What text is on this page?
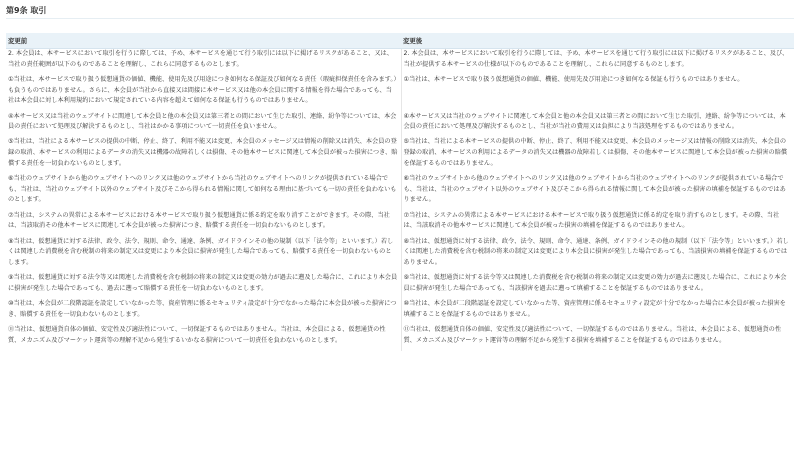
第9条 取引
変更前	変更後
2. 本会員は、本サービスにおいて取引を行うに際しては、予め、本サービスを通じて行う取引には以下に掲げるリスクがあること、又は、当社の責任範囲が以下のものであることを理解し、これらに同意するものとします。	2. 本会員は、本サービスにおいて取引を行うに際しては、予め、本サービスを通じて行う取引には以下に掲げるリスクがあること、及び、当社が提供する本サービスの仕様が以下のものであることを理解し、これらに同意するものとします。
①当社は、本サービスで取り扱う仮想通貨の価値、機能、使用先及び用途につき如何なる保証及び如何なる責任（瑕疵担保責任を含みます。）も負うものではありません。さらに、本会員が当社から直接又は間接に本サービス又は他の本会員に関する情報を得た場合であっても、当社は本会員に対し本利用規約において規定されている内容を超えて如何なる保証も行うものではありません。	①当社は、本サービスで取り扱う仮想通貨の価値、機能、使用先及び用途につき如何なる保証も行うものではありません。
④本サービス又は当社のウェブサイトに関連して本会員と他の本会員又は第三者との間において生じた取引、連絡、紛争等については、本会員の責任において処理及び解決するものとし、当社はかかる事項について一切責任を負いません。	④本サービス又は当社のウェブサイトに関連して本会員と他の本会員又は第三者との間において生じた取引、連絡、紛争等については、本会員の責任において処理及び解決するものとし、当社が当社の費用又は負担により当該処理をするものではありません。
⑤当社は、当社による本サービスの提供の中断、停止、終了、利用不能又は変更、本会員のメッセージ又は情報の削除又は消失、本会員の登録の取消、本サービスの利用によるデータの消失又は機器の故障若しくは損傷、その他本サービスに関連して本会員が被った損害につき、賠償する責任を一切負わないものとします。	⑤当社は、当社による本サービスの提供の中断、停止、終了、利用不能又は変更、本会員のメッセージ又は情報の削除又は消失、本会員の登録の取消、本サービスの利用によるデータの消失又は機器の故障若しくは損傷、その他本サービスに関連して本会員が被った損害の賠償を保証するものではありません。
⑥当社のウェブサイトから他のウェブサイトへのリンク又は他のウェブサイトから当社のウェブサイトへのリンクが提供されている場合でも、当社は、当社のウェブサイト以外のウェブサイト及びそこから得られる情報に関して如何なる理由に基づいても一切の責任を負わないものとします。	⑥当社のウェブサイトから他のウェブサイトへのリンク又は他のウェブサイトから当社のウェブサイトへのリンクが提供されている場合でも、当社は、当社のウェブサイト以外のウェブサイト及びそこから得られる情報に関して本会員が被った損害の填補を保証するものではありません。
⑦当社は、システムの異常による本サービスにおける本サービスで取り扱う仮想通貨に係る約定を取り消すことができます。その際、当社は、当該取消その他本サービスに関連して本会員が被った損害につき、賠償する責任を一切負わないものとします。	⑦当社は、システムの異常による本サービスにおける本サービスで取り扱う仮想通貨に係る約定を取り消すものとします。その際、当社は、当該取消その他本サービスに関連して本会員が被った損害の填補を保証するものではありません。
⑧当社は、仮想通貨に対する法律、政令、法令、規則、命令、通達、条例、ガイドラインその他の規制（以下「法令等」といいます。）若しくは関連した消費税を含む税制の将来の制定又は変更により本会員に損害が発生した場合であっても、賠償する責任を一切負わないものとします。	⑧当社は、仮想通貨に対する法律、政令、法令、規則、命令、通達、条例、ガイドラインその他の規制（以下「法令等」といいます。）若しくは関連した消費税を含む税制の将来の制定又は変更により本会員に損害が発生した場合であっても、当該損害の填補を保証するものではありません。
⑨当社は、仮想通貨に対する法令等又は関連した消費税を含む税制の将来の制定又は変更の効力が過去に遡及した場合に、これにより本会員に損害が発生した場合であっても、過去に遡って賠償する責任を一切負わないものとします。	⑨当社は、仮想通貨に対する法令等又は関連した消費税を含む税制の将来の制定又は変更の効力が過去に遡及した場合に、これにより本会員に損害が発生した場合であっても、当該損害を過去に遡って填補することを保証するものではありません。
⑩当社は、本会員が二段階認証を設定していなかった等、資産管理に係るセキュリティ設定が十分でなかった場合に本会員が被った損害につき、賠償する責任を一切負わないものとします。	⑩当社は、本会員が二段階認証を設定していなかった等、資産管理に係るセキュリティ設定が十分でなかった場合に本会員が被った損害を填補することを保証するものではありません。
⑪当社は、仮想通貨自体の価値、安定性及び適法性について、一切保証するものではありません。当社は、本会員による、仮想通貨の性質、メカニズム及びマーケット運営等の理解不足から発生するいかなる損害について一切責任を負わないものとします。	⑪当社は、仮想通貨自体の価値、安定性及び適法性について、一切保証するものではありません。当社は、本会員による、仮想通貨の性質、メカニズム及びマーケット運営等の理解不足から発生する損害を填補することを保証するものではありません。
